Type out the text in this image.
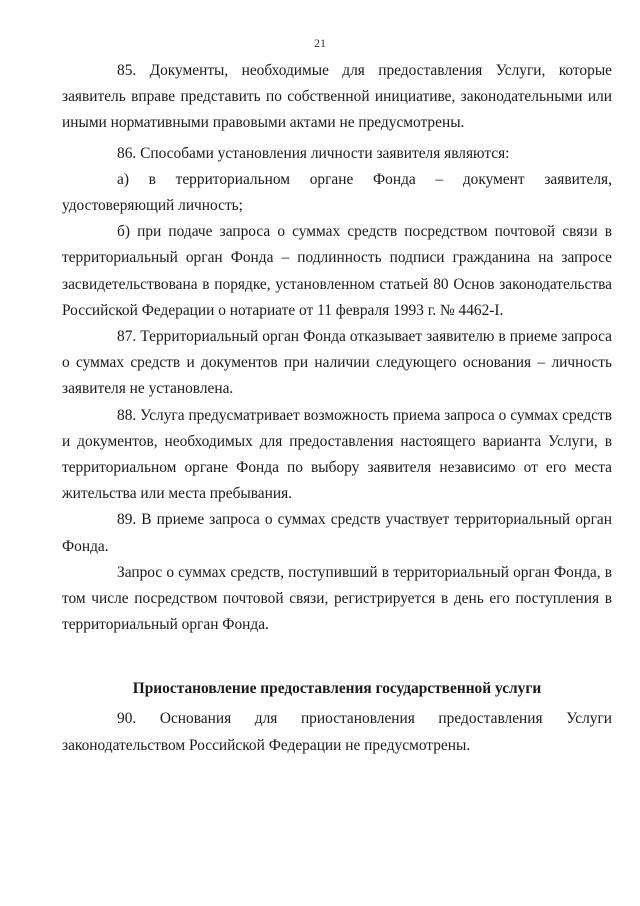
21

85. Документы, необходимые для предоставления Услуги, которые заявитель вправе представить по собственной инициативе, законодательными или иными нормативными правовыми актами не предусмотрены.

86. Способами установления личности заявителя являются:

а) в территориальном органе Фонда – документ заявителя, удостоверяющий личность;

б) при подаче запроса о суммах средств посредством почтовой связи в территориальный орган Фонда – подлинность подписи гражданина на запросе засвидетельствована в порядке, установленном статьей 80 Основ законодательства Российской Федерации о нотариате от 11 февраля 1993 г. № 4462-I.

87. Территориальный орган Фонда отказывает заявителю в приеме запроса о суммах средств и документов при наличии следующего основания – личность заявителя не установлена.

88. Услуга предусматривает возможность приема запроса о суммах средств и документов, необходимых для предоставления настоящего варианта Услуги, в территориальном органе Фонда по выбору заявителя независимо от его места жительства или места пребывания.

89. В приеме запроса о суммах средств участвует территориальный орган Фонда.

Запрос о суммах средств, поступивший в территориальный орган Фонда, в том числе посредством почтовой связи, регистрируется в день его поступления в территориальный орган Фонда.

Приостановление предоставления государственной услуги

90. Основания для приостановления предоставления Услуги законодательством Российской Федерации не предусмотрены.
